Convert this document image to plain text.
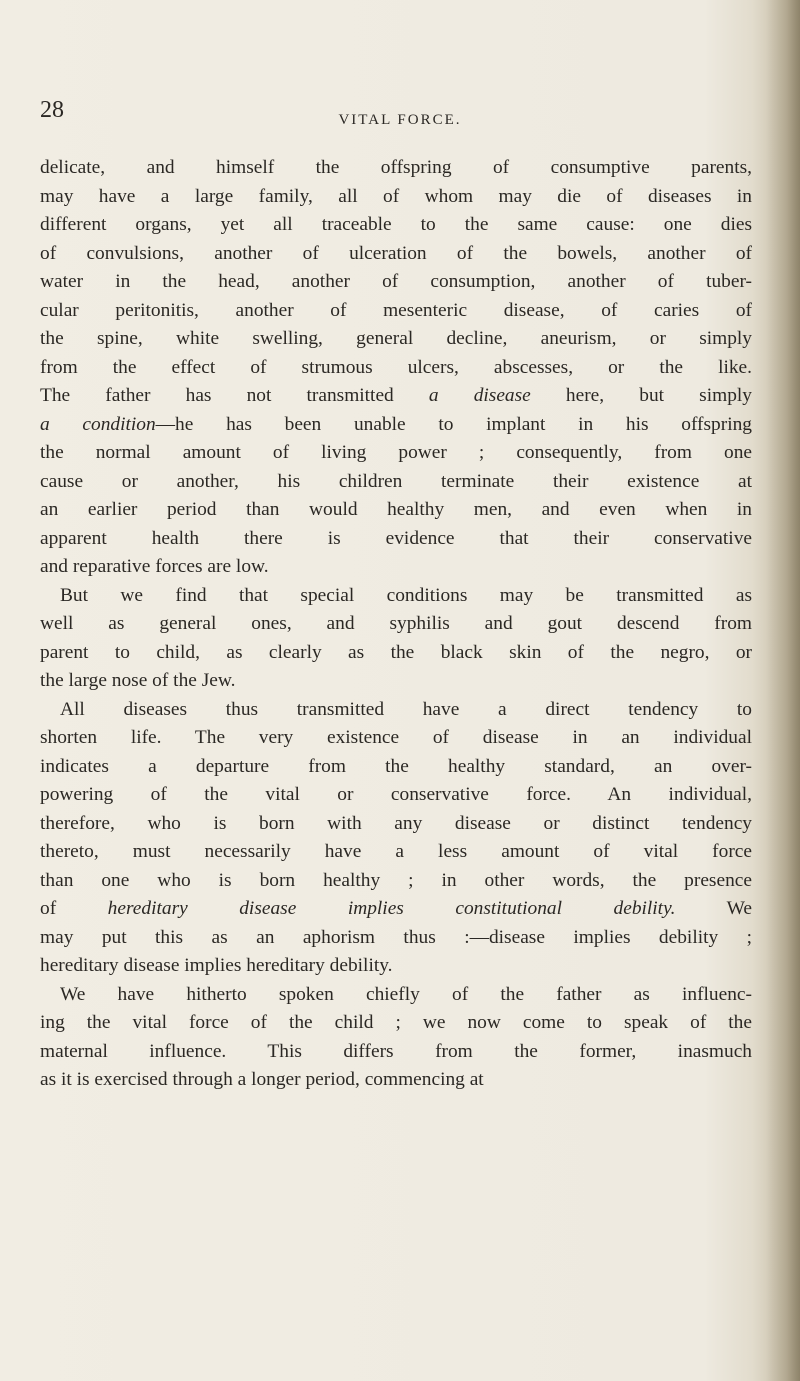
28	VITAL FORCE.

delicate, and himself the offspring of consumptive parents,
may have a large family, all of whom may die of diseases in
different organs, yet all traceable to the same cause: one dies
of convulsions, another of ulceration of the bowels, another of
water in the head, another of consumption, another of tuber-
cular peritonitis, another of mesenteric disease, of caries of
the spine, white swelling, general decline, aneurism, or simply
from the effect of strumous ulcers, abscesses, or the like.
The father has not transmitted a disease here, but simply
a condition—he has been unable to implant in his offspring
the normal amount of living power ; consequently, from one
cause or another, his children terminate their existence at
an earlier period than would healthy men, and even when in
apparent health there is evidence that their conservative
and reparative forces are low.
But we find that special conditions may be transmitted as
well as general ones, and syphilis and gout descend from
parent to child, as clearly as the black skin of the negro, or
the large nose of the Jew.
All diseases thus transmitted have a direct tendency to
shorten life. The very existence of disease in an individual
indicates a departure from the healthy standard, an over-
powering of the vital or conservative force. An individual,
therefore, who is born with any disease or distinct tendency
thereto, must necessarily have a less amount of vital force
than one who is born healthy ; in other words, the presence
of hereditary disease implies constitutional debility. We
may put this as an aphorism thus :—disease implies debility ;
hereditary disease implies hereditary debility.
We have hitherto spoken chiefly of the father as influenc-
ing the vital force of the child ; we now come to speak of the
maternal influence. This differs from the former, inasmuch
as it is exercised through a longer period, commencing at
